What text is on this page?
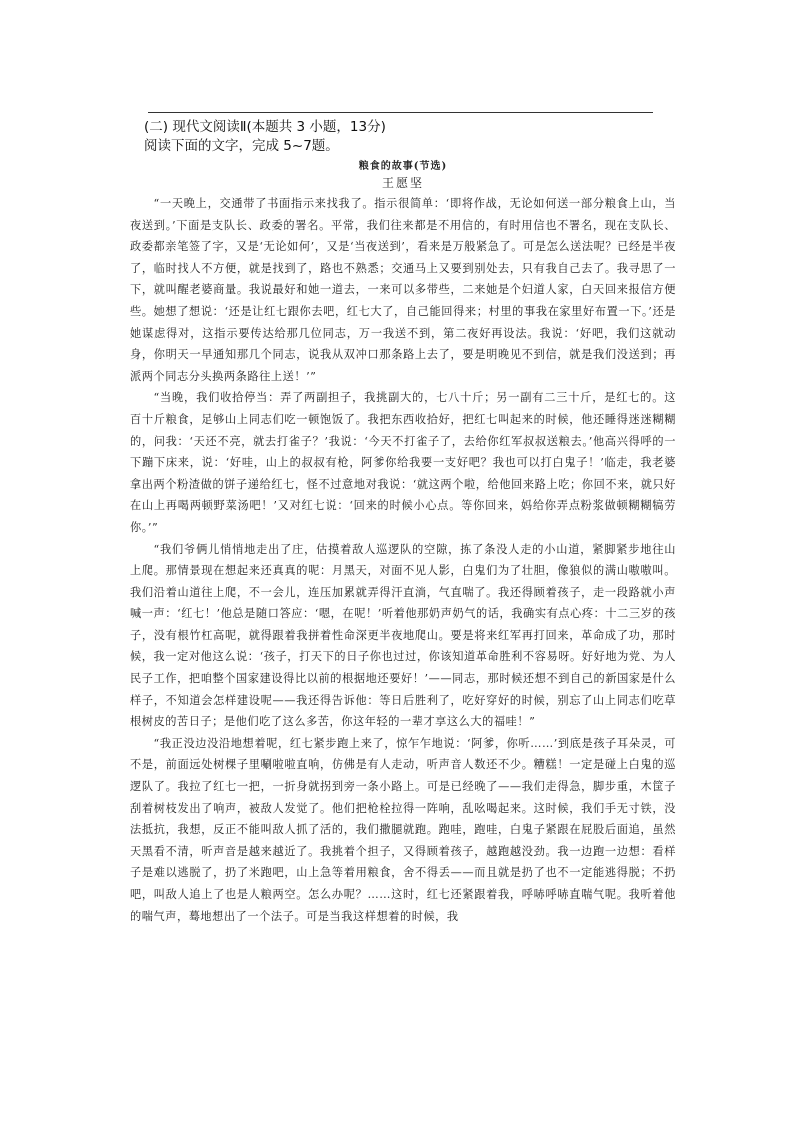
(二) 现代文阅读Ⅱ(本题共 3 小题，13分)

阅读下面的文字，完成 5~7题。

粮食的故事(节选)
王愿坚

“一天晚上，交通带了书面指示来找我了。指示很简单：‘即将作战，无论如何送一部分粮食上山，当夜送到。’下面是支队长、政委的署名。平常，我们往来都是不用信的，有时用信也不署名，现在支队长、政委都亲笔签了字，又是‘无论如何’，又是‘当夜送到’，看来是万般紧急了。可是怎么送法呢？已经是半夜了，临时找人不方便，就是找到了，路也不熟悉；交通马上又要到别处去，只有我自己去了。我寻思了一下，就叫醒老婆商量。我说最好和她一道去，一来可以多带些，二来她是个妇道人家，白天回来报信方便些。她想了想说：‘还是让红七跟你去吧，红七大了，自己能回得来；村里的事我在家里好布置一下。’还是她谋虑得对，这指示要传达给那几位同志，万一我送不到，第二夜好再设法。我说：‘好吧，我们这就动身，你明天一早通知那几个同志，说我从双冲口那条路上去了，要是明晚见不到信，就是我们没送到；再派两个同志分头换两条路往上送！’”

“当晚，我们收拾停当：弄了两副担子，我挑副大的，七八十斤；另一副有二三十斤，是红七的。这百十斤粮食，足够山上同志们吃一顿饱饭了。我把东西收拾好，把红七叫起来的时候，他还睡得迷迷糊糊的，问我：‘天还不亮，就去打雀子？’我说：‘今天不打雀子了，去给你红军叔叔送粮去。’他高兴得呼的一下蹦下床来，说：‘好哇，山上的叔叔有枪，阿爹你给我要一支好吧？我也可以打白鬼子！’临走，我老婆拿出两个粉渣做的饼子递给红七，怪不过意地对我说：‘就这两个啦，给他回来路上吃；你回不来，就只好在山上再喝两顿野菜汤吧！’又对红七说：‘回来的时候小心点。等你回来，妈给你弄点粉浆做顿糊糊犒劳你。’”

“我们爷俩儿悄悄地走出了庄，估摸着敌人巡逻队的空隙，拣了条没人走的小山道，紧脚紧步地往山上爬。那情景现在想起来还真真的呢：月黑天，对面不见人影，白鬼们为了壮胆，像狼似的满山嗷嗷叫。我们沿着山道往上爬，不一会儿，连压加累就弄得汗直淌，气直喘了。我还得顾着孩子，走一段路就小声喊一声：‘红七！’他总是随口答应：‘嗯，在呢！’听着他那奶声奶气的话，我确实有点心疼：十二三岁的孩子，没有根竹杠高呢，就得跟着我拼着性命深更半夜地爬山。要是将来红军再打回来，革命成了功，那时候，我一定对他这么说：‘孩子，打天下的日子你也过过，你该知道革命胜利不容易呀。好好地为党、为人民子工作，把咱整个国家建设得比以前的根据地还要好！’——同志，那时候还想不到自己的新国家是什么样子，不知道会怎样建设呢——我还得告诉他：等日后胜利了，吃好穿好的时候，别忘了山上同志们吃草根树皮的苦日子；是他们吃了这么多苦，你这年轻的一辈才享这么大的福哇！”

“我正没边没沿地想着呢，红七紧步跑上来了，惊乍乍地说：‘阿爹，你听……’到底是孩子耳朵灵，可不是，前面远处树棵子里唰啦啦直响，仿佛是有人走动，听声音人数还不少。糟糕！一定是碰上白鬼的巡逻队了。我拉了红七一把，一折身就拐到旁一条小路上。可是已经晚了——我们走得急，脚步重，木筐子刮着树枝发出了响声，被敌人发觉了。他们把枪栓拉得一阵响，乱吆喝起来。这时候，我们手无寸铁，没法抵抗，我想，反正不能叫敌人抓了活的，我们撒腿就跑。跑哇，跑哇，白鬼子紧跟在屁股后面追，虽然天黑看不清，听声音是越来越近了。我挑着个担子，又得顾着孩子，越跑越没劲。我一边跑一边想：看样子是难以逃脱了，扔了米跑吧，山上急等着用粮食，舍不得丢——而且就是扔了也不一定能逃得脱；不扔吧，叫敌人追上了也是人粮两空。怎么办呢？……这时，红七还紧跟着我，呼哧呼哧直喘气呢。我听着他的喘气声，蓦地想出了一个法子。可是当我这样想着的时候，我
